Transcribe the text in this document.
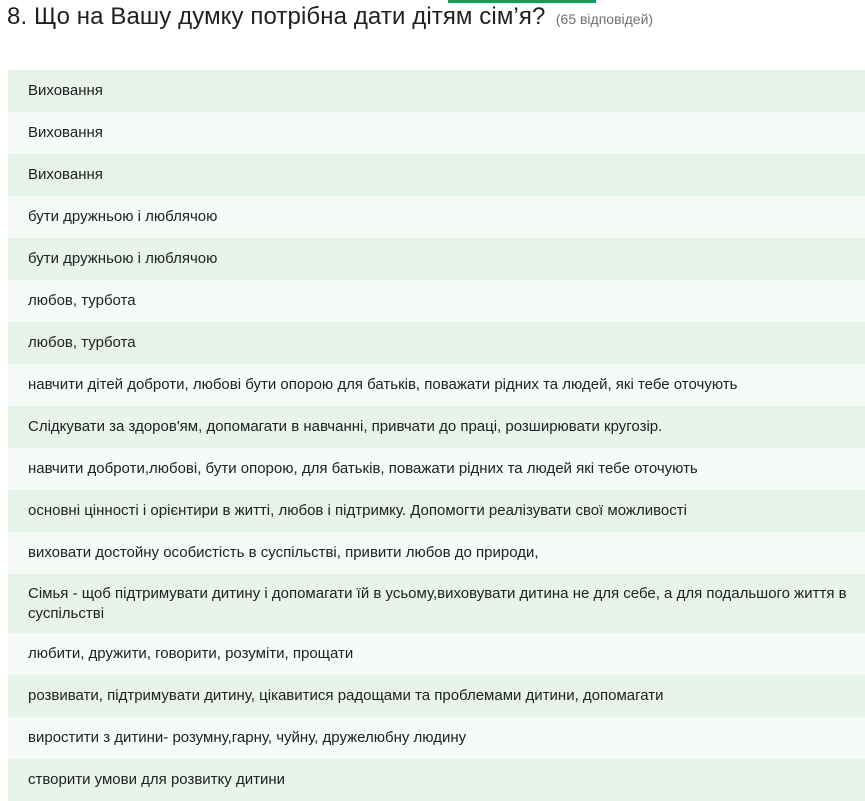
8. Що на Вашу думку потрібна дати дітям сім’я? (65 відповідей)
Виховання
Виховання
Виховання
бути дружньою і люблячою
бути дружньою і люблячою
любов, турбота
любов, турбота
навчити дітей доброти, любові бути опорою для батьків, поважати рідних та людей, які тебе оточують
Слідкувати за здоров'ям, допомагати в навчанні, привчати до праці, розширювати кругозір.
навчити доброти,любові, бути опорою, для батьків, поважати рідних та людей які тебе оточують
основні цінності і орієнтири в житті, любов і підтримку. Допомогти реалізувати свої можливості
виховати достойну особистість в суспільстві, привити любов до природи,
Сімья - щоб підтримувати дитину і допомагати їй в усьому,виховувати дитина не для себе, а для подальшого життя в суспільстві
любити, дружити, говорити, розуміти, прощати
розвивати, підтримувати дитину, цікавитися радощами та проблемами дитини, допомагати
виростити з дитини- розумну,гарну, чуйну, дружелюбну людину
створити умови для розвитку дитини
